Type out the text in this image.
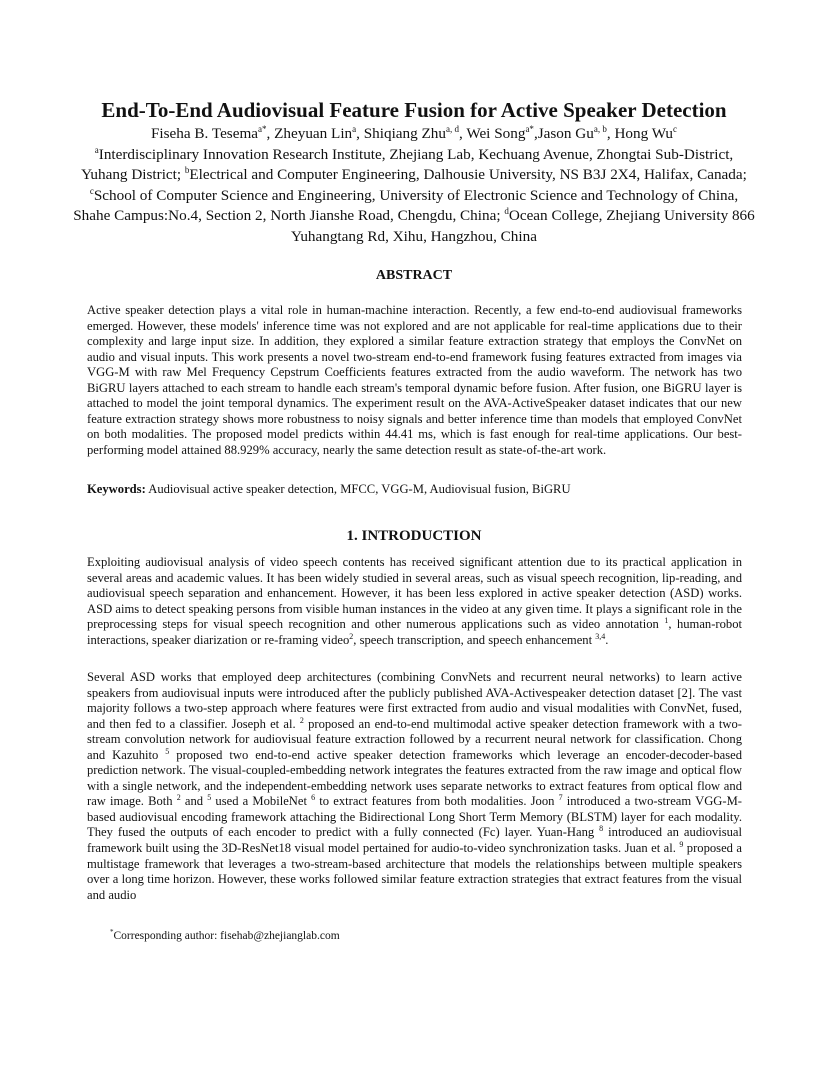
End-To-End Audiovisual Feature Fusion for Active Speaker Detection
Fiseha B. Tesema$^{a*}$, Zheyuan Lin$^a$, Shiqiang Zhu$^{a, d}$, Wei Song$^{a*}$,Jason Gu$^{a, b}$, Hong Wu$^c$
$^a$Interdisciplinary Innovation Research Institute, Zhejiang Lab, Kechuang Avenue, Zhongtai Sub-District, Yuhang District; $^b$Electrical and Computer Engineering, Dalhousie University, NS B3J 2X4, Halifax, Canada; $^c$School of Computer Science and Engineering, University of Electronic Science and Technology of China, Shahe Campus:No.4, Section 2, North Jianshe Road, Chengdu, China; $^d$Ocean College, Zhejiang University 866 Yuhangtang Rd, Xihu, Hangzhou, China
ABSTRACT
Active speaker detection plays a vital role in human-machine interaction. Recently, a few end-to-end audiovisual frameworks emerged. However, these models' inference time was not explored and are not applicable for real-time applications due to their complexity and large input size. In addition, they explored a similar feature extraction strategy that employs the ConvNet on audio and visual inputs. This work presents a novel two-stream end-to-end framework fusing features extracted from images via VGG-M with raw Mel Frequency Cepstrum Coefficients features extracted from the audio waveform. The network has two BiGRU layers attached to each stream to handle each stream's temporal dynamic before fusion. After fusion, one BiGRU layer is attached to model the joint temporal dynamics. The experiment result on the AVA-ActiveSpeaker dataset indicates that our new feature extraction strategy shows more robustness to noisy signals and better inference time than models that employed ConvNet on both modalities. The proposed model predicts within 44.41 ms, which is fast enough for real-time applications. Our best-performing model attained 88.929% accuracy, nearly the same detection result as state-of-the-art work.
Keywords: Audiovisual active speaker detection, MFCC, VGG-M, Audiovisual fusion, BiGRU
1. INTRODUCTION
Exploiting audiovisual analysis of video speech contents has received significant attention due to its practical application in several areas and academic values. It has been widely studied in several areas, such as visual speech recognition, lip-reading, and audiovisual speech separation and enhancement. However, it has been less explored in active speaker detection (ASD) works. ASD aims to detect speaking persons from visible human instances in the video at any given time. It plays a significant role in the preprocessing steps for visual speech recognition and other numerous applications such as video annotation $^1$, human-robot interactions, speaker diarization or re-framing video$^2$, speech transcription, and speech enhancement $^{3,4}$.
Several ASD works that employed deep architectures (combining ConvNets and recurrent neural networks) to learn active speakers from audiovisual inputs were introduced after the publicly published AVA-Activespeaker detection dataset [2]. The vast majority follows a two-step approach where features were first extracted from audio and visual modalities with ConvNet, fused, and then fed to a classifier. Joseph et al. $^2$ proposed an end-to-end multimodal active speaker detection framework with a two-stream convolution network for audiovisual feature extraction followed by a recurrent neural network for classification. Chong and Kazuhito $^5$ proposed two end-to-end active speaker detection frameworks which leverage an encoder-decoder-based prediction network. The visual-coupled-embedding network integrates the features extracted from the raw image and optical flow with a single network, and the independent-embedding network uses separate networks to extract features from optical flow and raw image. Both $^2$ and $^5$ used a MobileNet $^6$ to extract features from both modalities. Joon $^7$ introduced a two-stream VGG-M-based audiovisual encoding framework attaching the Bidirectional Long Short Term Memory (BLSTM) layer for each modality. They fused the outputs of each encoder to predict with a fully connected (Fc) layer. Yuan-Hang $^8$ introduced an audiovisual framework built using the 3D-ResNet18 visual model pertained for audio-to-video synchronization tasks. Juan et al. $^9$ proposed a multistage framework that leverages a two-stream-based architecture that models the relationships between multiple speakers over a long time horizon. However, these works followed similar feature extraction strategies that extract features from the visual and audio
*Corresponding author: fisehab@zhejianglab.com
